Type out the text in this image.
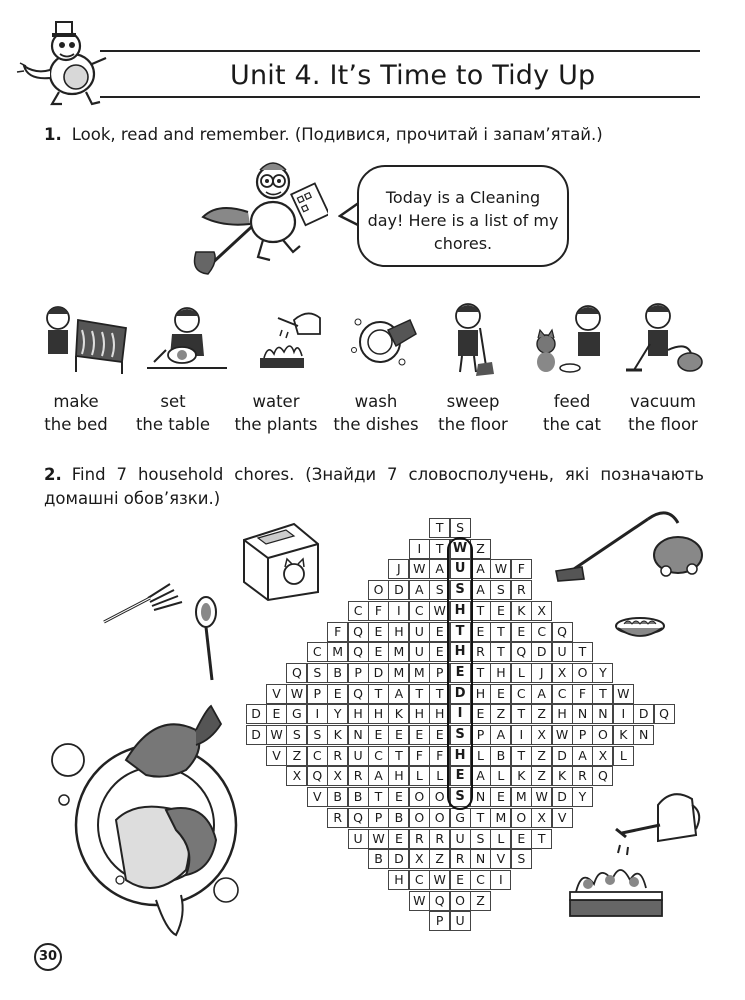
Unit 4. It’s Time to Tidy Up
1. Look, read and remember. (Подивися, прочитай і запам’ятай.)
Today is a Cleaning
day! Here is a list of my
chores.
make
the bed
set
the table
water
the plants
wash
the dishes
sweep
the floor
feed
the cat
vacuum
the floor
2. Find 7 household chores. (Знайди 7 словосполучень, які позначають домашні обов’язки.)
T	S
I	T W Z
J W A U A W F
O D A S S A S R
C F	I	C W H T	E K X
F Q E H U E T E	T	E C Q
C M Q E M U E H R T Q D U T
Q S B P D M M P E T H L	J	X O Y
V W P	E Q T A T	T D H E C A C F	T W
D E G	I	Y H H K H H	I	E Z T Z H N N	I	D Q
D W S S K N E E	E E S P A	I	X W P O K N
V Z C R U C T	F	F H L	B T Z D A X	L
X Q X R A H L	L E A	L	K Z K R Q
V B B T	E O O S N E M W D Y
R Q P B O O G T M O X V
U W E R R U S	L	E	T
B D X Z R N V S
H C W E C	I
W Q O Z
P U
30
